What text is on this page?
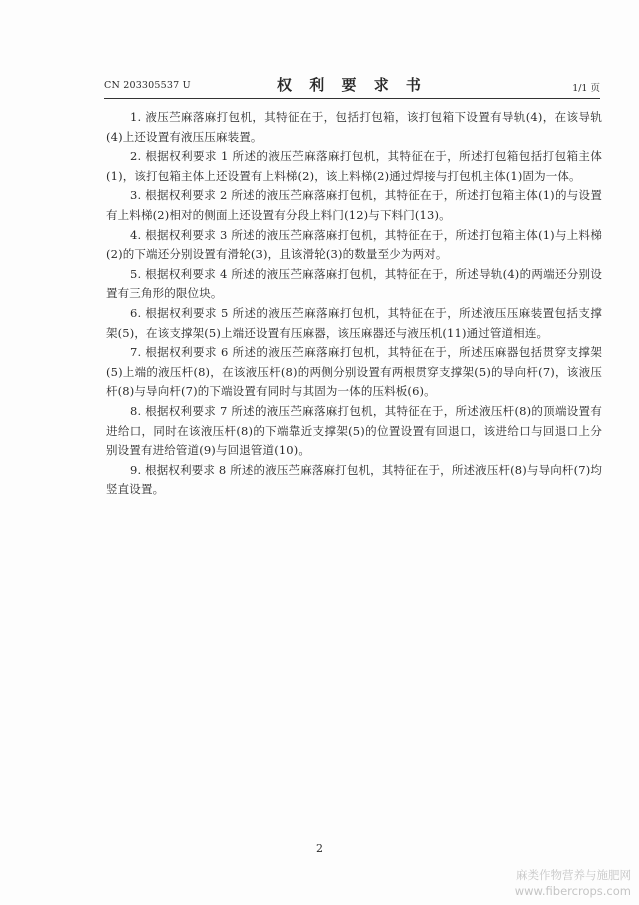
CN 203305537 U	权 利 要 求 书	1/1 页

1. 液压苎麻落麻打包机，其特征在于，包括打包箱，该打包箱下设置有导轨(4)，在该导轨(4)上还设置有液压压麻装置。

2. 根据权利要求 1 所述的液压苎麻落麻打包机，其特征在于，所述打包箱包括打包箱主体(1)，该打包箱主体上还设置有上料梯(2)，该上料梯(2)通过焊接与打包机主体(1)固为一体。

3. 根据权利要求 2 所述的液压苎麻落麻打包机，其特征在于，所述打包箱主体(1)的与设置有上料梯(2)相对的侧面上还设置有分段上料门(12)与下料门(13)。

4. 根据权利要求 3 所述的液压苎麻落麻打包机，其特征在于，所述打包箱主体(1)与上料梯(2)的下端还分别设置有滑轮(3)，且该滑轮(3)的数量至少为两对。

5. 根据权利要求 4 所述的液压苎麻落麻打包机，其特征在于，所述导轨(4)的两端还分别设置有三角形的限位块。

6. 根据权利要求 5 所述的液压苎麻落麻打包机，其特征在于，所述液压压麻装置包括支撑架(5)，在该支撑架(5)上端还设置有压麻器，该压麻器还与液压机(11)通过管道相连。

7. 根据权利要求 6 所述的液压苎麻落麻打包机，其特征在于，所述压麻器包括贯穿支撑架(5)上端的液压杆(8)，在该液压杆(8)的两侧分别设置有两根贯穿支撑架(5)的导向杆(7)，该液压杆(8)与导向杆(7)的下端设置有同时与其固为一体的压料板(6)。

8. 根据权利要求 7 所述的液压苎麻落麻打包机，其特征在于，所述液压杆(8)的顶端设置有进给口，同时在该液压杆(8)的下端靠近支撑架(5)的位置设置有回退口，该进给口与回退口上分别设置有进给管道(9)与回退管道(10)。

9. 根据权利要求 8 所述的液压苎麻落麻打包机，其特征在于，所述液压杆(8)与导向杆(7)均竖直设置。

2
麻类作物营养与施肥网
www.fibercrops.com
